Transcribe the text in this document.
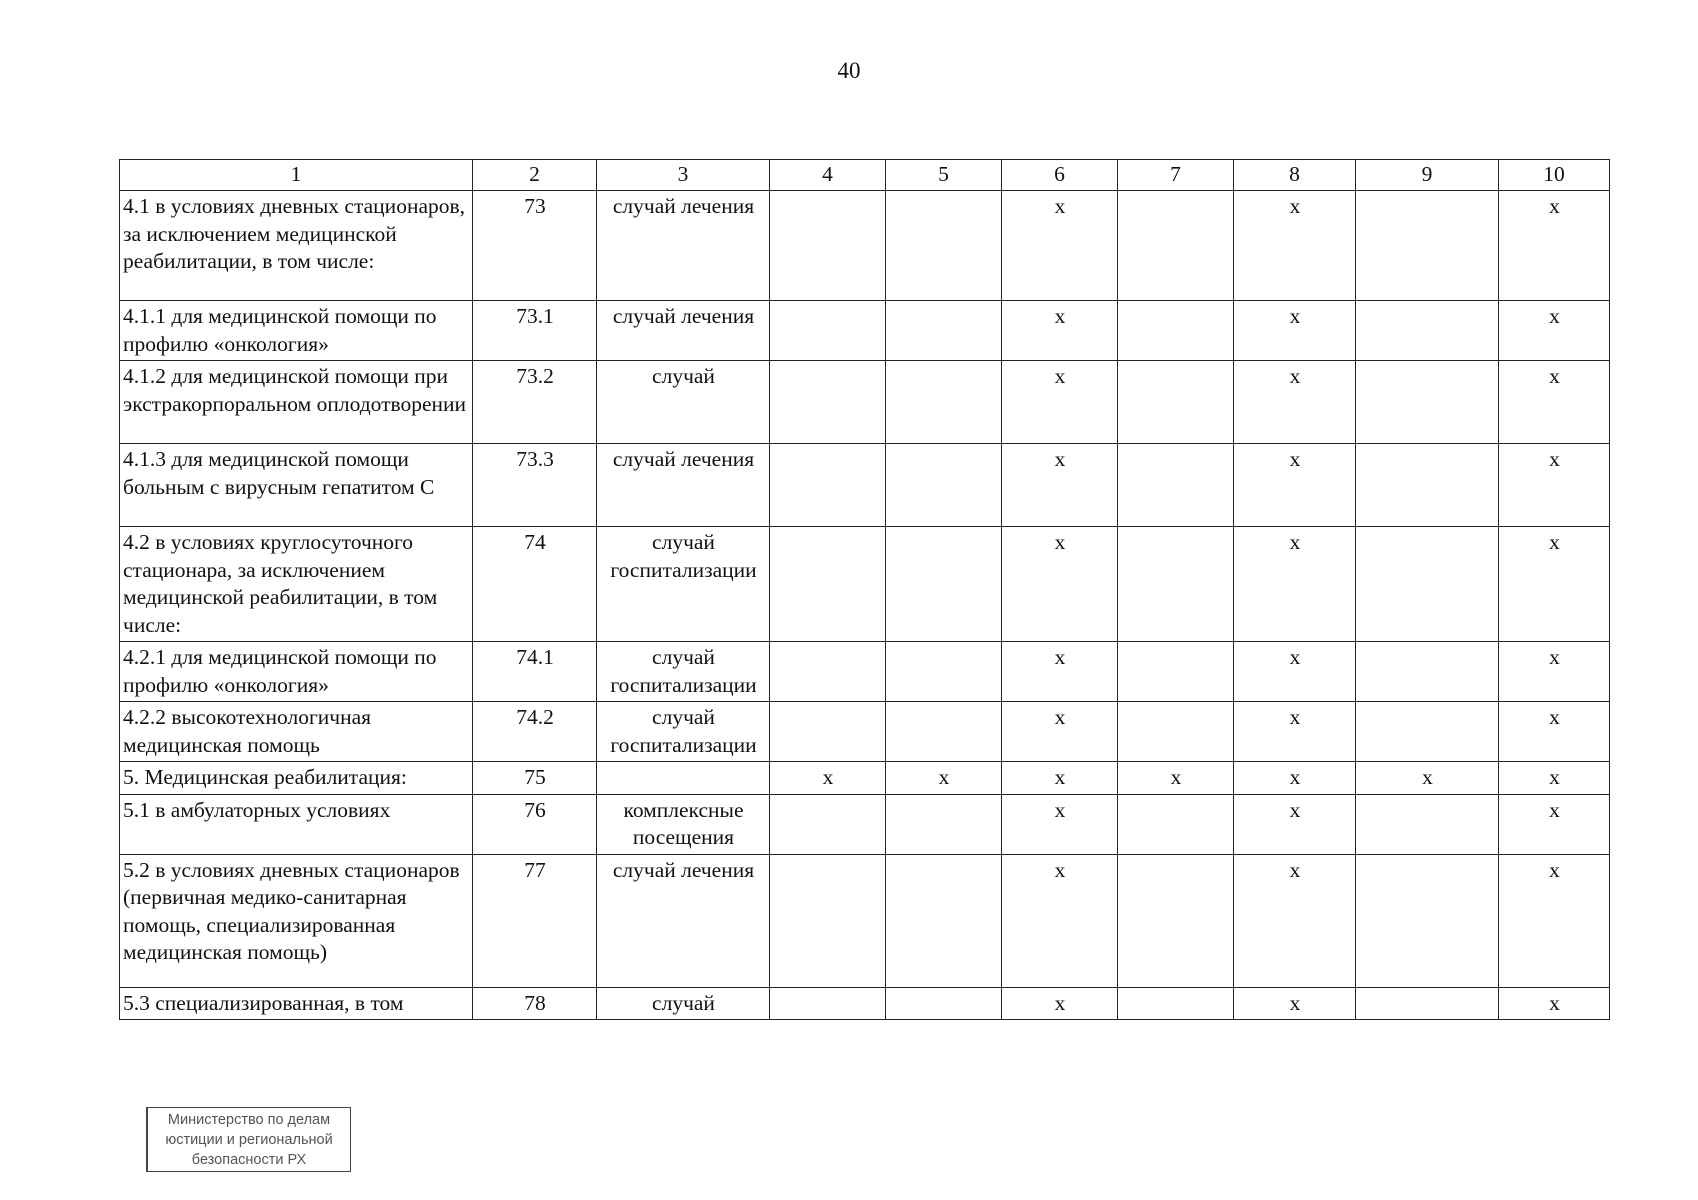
40
1	2	3	4	5	6	7	8	9	10
4.1 в условиях дневных стационаров, за исключением медицинской реабилитации, в том числе:	73	случай лечения			х		х		х
4.1.1 для медицинской помощи по профилю «онкология»	73.1	случай лечения			х		х		х
4.1.2 для медицинской помощи при экстракорпоральном оплодотворении	73.2	случай			х		х		х
4.1.3 для медицинской помощи больным с вирусным гепатитом С	73.3	случай лечения			х		х		х
4.2 в условиях круглосуточного стационара, за исключением медицинской реабилитации, в том числе:	74	случай госпитализации			х		х		х
4.2.1 для медицинской помощи по профилю «онкология»	74.1	случай госпитализации			х		х		х
4.2.2 высокотехнологичная медицинская помощь	74.2	случай госпитализации			х		х		х
5. Медицинская реабилитация:	75		х	х	х	х	х	х	х
5.1 в амбулаторных условиях	76	комплексные посещения			х		х		х
5.2 в условиях дневных стационаров (первичная медико-санитарная помощь, специализированная медицинская помощь)	77	случай лечения			х		х		х
5.3 специализированная, в том	78	случай			х		х		х
Министерство по делам
юстиции и региональной
безопасности РХ
